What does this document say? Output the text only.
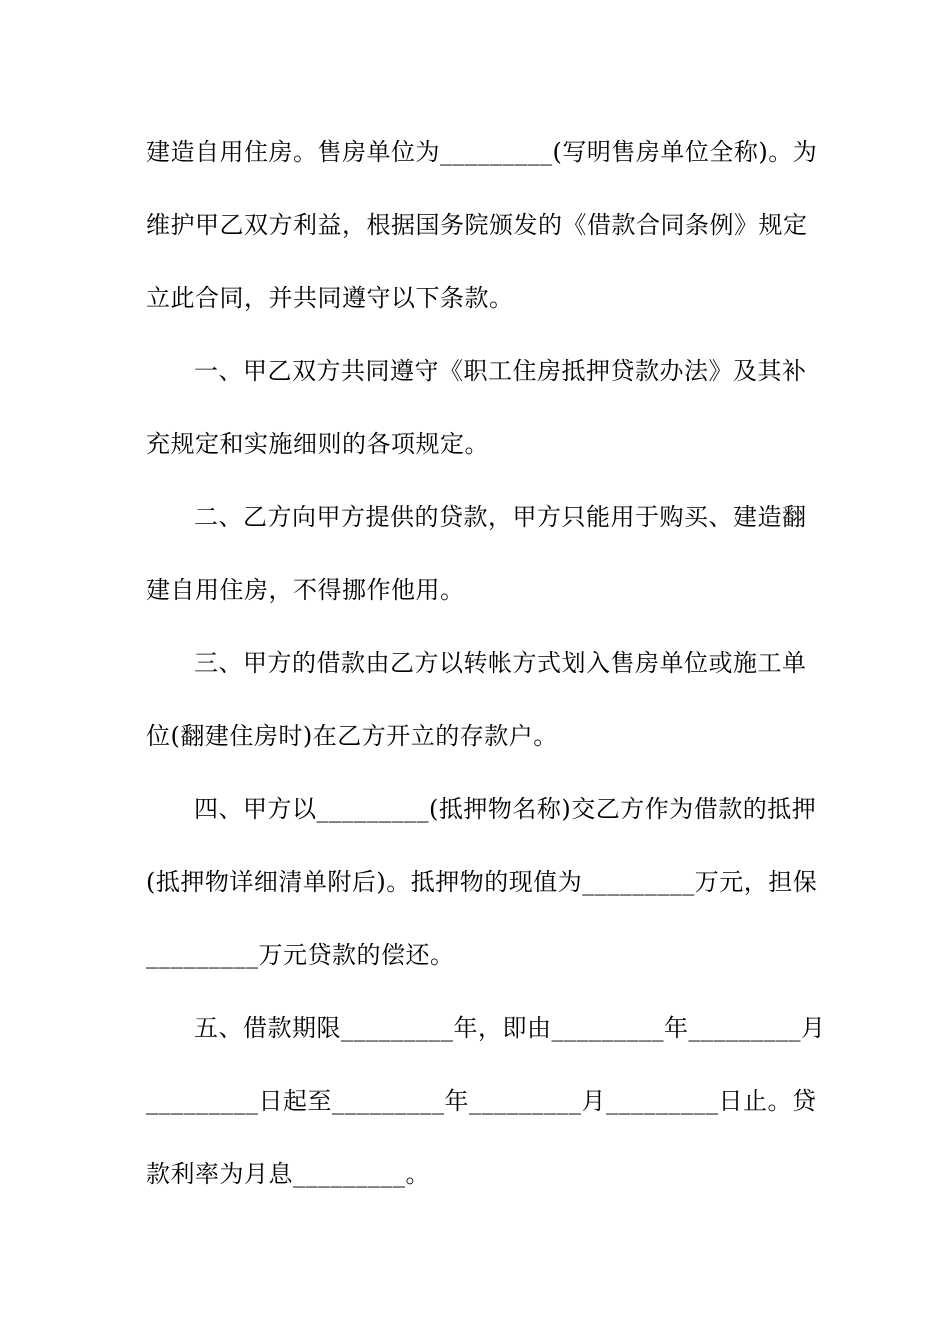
建造自用住房。售房单位为_________(写明售房单位全称)。为
维护甲乙双方利益，根据国务院颁发的《借款合同条例》规定
立此合同，并共同遵守以下条款。
一、甲乙双方共同遵守《职工住房抵押贷款办法》及其补
充规定和实施细则的各项规定。
二、乙方向甲方提供的贷款，甲方只能用于购买、建造翻
建自用住房，不得挪作他用。
三、甲方的借款由乙方以转帐方式划入售房单位或施工单
位(翻建住房时)在乙方开立的存款户。
四、甲方以_________(抵押物名称)交乙方作为借款的抵押
(抵押物详细清单附后)。抵押物的现值为_________万元，担保
_________万元贷款的偿还。
五、借款期限_________年，即由_________年_________月
_________日起至_________年_________月_________日止。贷
款利率为月息_________。
